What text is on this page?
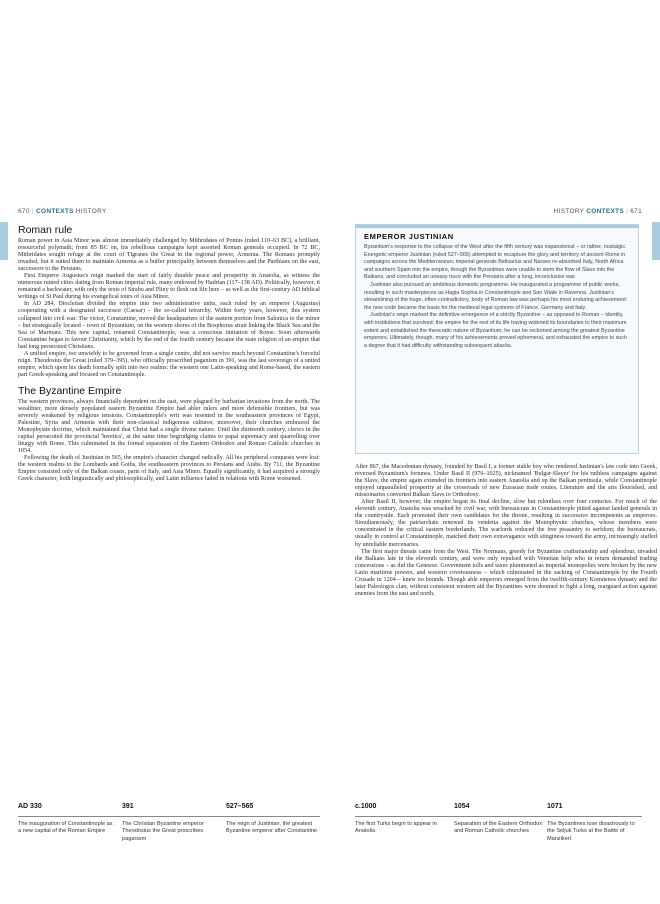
670 | CONTEXTS HISTORY	HISTORY CONTEXTS | 671
Roman rule

Roman power in Asia Minor was almost immediately challenged by Mithridates of Pontus (ruled 110–63 BC), a brilliant, resourceful polymath; from 85 BC on, his rebellious campaigns kept assorted Roman generals occupied. In 72 BC, Mithridates sought refuge at the court of Tigranes the Great in the regional power, Armenia. The Romans promptly invaded, but it suited them to maintain Armenia as a buffer principality between themselves and the Parthians on the east, successors to the Persians.

First Emperor Augustus's reign marked the start of fairly durable peace and prosperity in Anatolia, as witness the numerous ruined cities dating from Roman imperial rule, many endowed by Hadrian (117–138 AD). Politically, however, it remained a backwater, with only the texts of Strabo and Pliny to flesh out life here – as well as the first-century AD biblical writings of St Paul during his evangelical tours of Asia Minor.

In AD 284, Diocletian divided the empire into two administrative units, each ruled by an emperor (Augustus) cooperating with a designated successor (Caesar) – the so-called tetrarchy. Within forty years, however, this system collapsed into civil war. The victor, Constantine, moved the headquarters of the eastern portion from Salonica to the minor – but strategically located – town of Byzantium, on the western shores of the Bosphorus strait linking the Black Sea and the Sea of Marmara. This new capital, renamed Constantinople, was a conscious imitation of Rome. Soon afterwards Constantine began to favour Christianity, which by the end of the fourth century became the state religion of an empire that had long persecuted Christians.

A unified empire, too unwieldy to be governed from a single centre, did not survive much beyond Constantine's forceful reign. Theodosius the Great (ruled 379–395), who officially proscribed paganism in 391, was the last sovereign of a united empire, which upon his death formally split into two realms: the western one Latin-speaking and Rome-based, the eastern part Greek-speaking and focused on Constantinople.

The Byzantine Empire

The western provinces, always financially dependent on the east, were plagued by barbarian invasions from the north. The wealthier, more densely populated eastern Byzantine Empire had abler rulers and more defensible frontiers, but was severely weakened by religious tensions. Constantinople's writ was resented in the southeastern provinces of Egypt, Palestine, Syria and Armenia with their non-classical indigenous cultures; moreover, their churches embraced the Monophysite doctrine, which maintained that Christ had a single divine nature. Until the thirteenth century, clerics in the capital persecuted the provincial 'heretics', at the same time begrudging claims to papal supremacy and quarrelling over liturgy with Rome. This culminated in the formal separation of the Eastern Orthodox and Roman Catholic churches in 1054.

Following the death of Justinian in 565, the empire's character changed radically. All his peripheral conquests were lost: the western realms to the Lombards and Goths, the southeastern provinces to Persians and Arabs. By 711, the Byzantine Empire consisted only of the Balkan coasts, parts of Italy, and Asia Minor. Equally significantly, it had acquired a strongly Greek character, both linguistically and philosophically, and Latin influence faded in relations with Rome worsened.

EMPEROR JUSTINIAN

Byzantium's response to the collapse of the West after the fifth century was expansionist – or rather, nostalgic. Energetic emperor Justinian (ruled 527–565) attempted to recapture the glory and territory of ancient Rome in campaigns across the Mediterranean; imperial generals Belisarius and Narses re-absorbed Italy, North Africa and southern Spain into the empire, though the Byzantines were unable to stem the flow of Slavs into the Balkans, and concluded an uneasy truce with the Persians after a long, inconclusive war.

Justinian also pursued an ambitious domestic programme. He inaugurated a programme of public works, resulting in such masterpieces as Hagia Sophia in Constantinople and San Vitale in Ravenna. Justinian's streamlining of the huge, often contradictory, body of Roman law was perhaps his most enduring achievement: the new code became the basis for the medieval legal systems of France, Germany and Italy.

Justinian's reign marked the definitive emergence of a strictly Byzantine – as opposed to Roman – identity, with institutions that survived: the empire for the rest of its life having widened its boundaries to their maximum extent and established the theocratic nature of Byzantium, he can be reckoned among the greatest Byzantine emperors. Ultimately, though, many of his achievements proved ephemeral, and exhausted the empire to such a degree that it had difficulty withstanding subsequent attacks.

After 867, the Macedonian dynasty, founded by Basil I, a former stable boy who rendered Justinian's law code into Greek, reversed Byzantium's fortunes. Under Basil II (976–1025), nicknamed 'Bulgar-Slayer' for his ruthless campaigns against the Slavs, the empire again extended its frontiers into eastern Anatolia and up the Balkan peninsula, while Constantinople enjoyed unparalleled prosperity at the crossroads of new Eurasian trade routes. Literature and the arts flourished, and missionaries converted Balkan Slavs to Orthodoxy.

After Basil II, however, the empire began its final decline, slow but relentless over four centuries. For much of the eleventh century, Anatolia was wracked by civil war, with bureaucrats in Constantinople pitted against landed generals in the countryside. Each promoted their own candidates for the throne, resulting in successive incompetents as emperors. Simultaneously, the patriarchate renewed its vendetta against the Monophysite churches, whose members were concentrated in the critical eastern borderlands. The warlords reduced the free peasantry to serfdom; the bureaucrats, usually in control at Constantinople, matched their own extravagance with stinginess toward the army, increasingly staffed by unreliable mercenaries.

The first major threats came from the West. The Normans, greedy for Byzantine craftsmanship and splendour, invaded the Balkans late in the eleventh century, and were only repulsed with Venetian help who in return demanded trading concessions – as did the Genoese. Government tolls and taxes plummeted as imperial monopolies were broken by the new Latin maritime powers, and western covetousness – which culminated in the sacking of Constantinople by the Fourth Crusade in 1204 – knew no bounds. Though able emperors emerged from the twelfth-century Komnenos dynasty and the later Paleologos clan, without consistent western aid the Byzantines were doomed to fight a long, rearguard action against enemies from the east and north.

AD 330
The inauguration of Constantinople as a new capital of the Roman Empire
391
The Christian Byzantine emperor Theodosius the Great proscribes paganism
527–565
The reign of Justinian, the greatest Byzantine emperor after Constantine
c.1000
The first Turks begin to appear in Anatolia
1054
Separation of the Eastern Orthodox and Roman Catholic churches
1071
The Byzantines lose disastrously to the Seljuk Turks at the Battle of Manzikert
